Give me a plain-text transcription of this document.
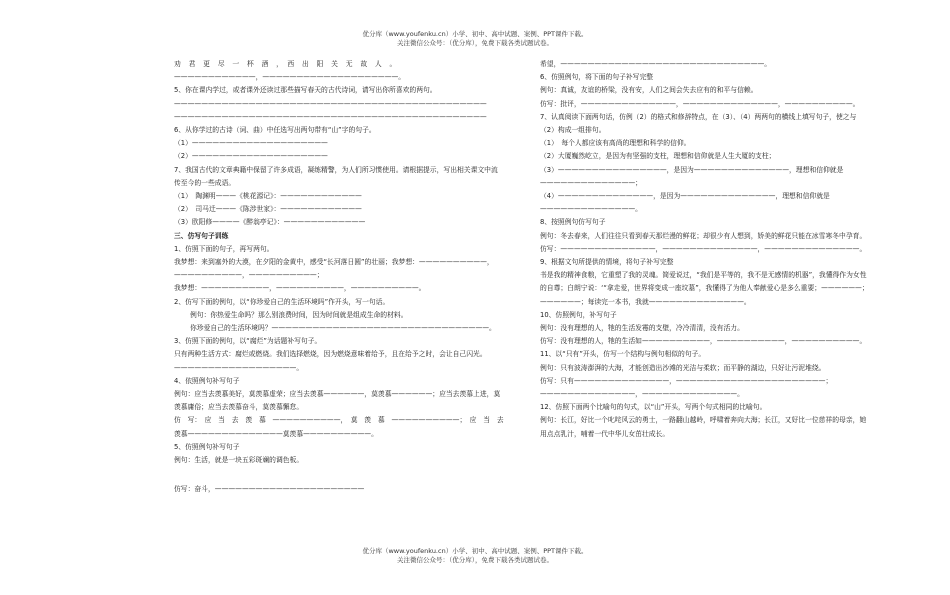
优分库（www.youfenku.cn）小学、初中、高中试题、案例、PPT课件下载。
关注微信公众号：（优分库），免费下载各类试题试卷。

劝　君　更　尽　一　杯　酒　，　西　出　阳　关　无　故　人　。

————————————，————————————————————。

5、你在课内学过，或者课外还读过那些描写春天的古代诗词，请写出你所喜欢的两句。

——————————————————————————————————————————————

——————————————————————————————————————————————

6、从你学过的古诗（词、曲）中任选写出两句带有“山”字的句子。

（1）————————————————————

（2）————————————————————

7、我国古代的文章典籍中保留了许多成语，凝练精警，为人们所习惯使用。请根据提示，写出相关课文中流传至今的一些成语。

（1）　陶渊明———《桃花源记》：————————————

（2）　司马迁———《陈涉世家》：————————————

（3）欧阳修————《醉翁亭记》：————————————

三、仿写句子训练

1、仿照下面的句子，再写两句。

我梦想：来到塞外的大漠，在夕阳的金黄中，感受“长河落日圆”的壮丽；我梦想：——————————，——————————，——————————；

我梦想：——————————，——————————，——————————。

2、仿写下面的例句，以“你珍爱自己的生活环境吗”作开头，写一句话。

例句：你热爱生命吗？那么别浪费时间，因为时间就是组成生命的材料。

你珍爱自己的生活环境吗？————————————————————————————————。

3、仿照下面的例句，以“腐烂”为话题补写句子。

只有两种生活方式：腐烂或燃烧。我们选择燃烧，因为燃烧意味着给予，且在给予之时，会让自己闪光。——————————————————。

4、依照例句补写句子

例句：应当去羡慕美好，莫羡慕虚荣；应当去羡慕——————，莫羡慕——————；应当去羡慕上进，莫羡慕庸俗；应当去羡慕奋斗，莫羡慕懈怠。

仿　写：　应　当　去　羡　慕　——————————，　莫　羡　慕　——————————；　应　当　去　羡慕——————————————莫羡慕——————————。

5、仿照例句补写句子

例句：生活，就是一块五彩斑斓的调色板。

仿写：奋斗，——————————————————————

希望，——————————————————————————————。

6、仿照例句，将下面的句子补写完整

例句：真诚，友谊的桥梁，没有安，人们之间会失去应有的和平与信赖。

仿写：批评，——————————————，——————————————，——————————。

7、认真阅读下面两句话，仿例（2）的格式和修辞特点，在（3）、（4）两两句的横线上填写句子，使之与（2）构成一组排句。

（1）　每个人都应该有高尚的理想和科学的信仰。

（2）大厦巍然屹立，是因为有坚强的支柱，理想和信仰就是人生大厦的支柱；

（3）————————————————，是因为——————————————，理想和信仰就是——————————————；

（4）——————————————，是因为——————————————，理想和信仰就是——————————————。

8、按照例句仿写句子

例句：冬去春来，人们往往只看到春天那烂漫的鲜花；却很少有人想到，娇美的鲜花只能在冰雪寒冬中孕育。

仿写：——————————————，——————————————，——————————————。

9、根据文句所提供的情境，将句子补写完整

书是我的精神食粮，它重塑了我的灵魂。简爱说过，“我们是平等的，我不是无感情的机器”，我懂得作为女性的自尊；白朗宁说：‘“拿走爱，世界将变成一座坟墓”，我懂得了为他人奉献爱心是多么重要；——————；——————；每读完一本书，我就——————————————。

10、仿照例句，补写句子

例句：没有理想的人，牠的生活发霉的支壁，冷冷清清，没有活力。

仿写：没有理想的人，牠的生活如——————————，——————————，——————————。

11、以“只有”开头，仿写一个结构与例句相似的句子。

例句：只有波涛澎湃的大海，才能创造出沙滩的光洁与柔软；而平静的湖边，只好让污泥堆绕。

仿写：只有——————————————，——————————————————————；——————————————，——————————————。

12、仿照下面两个比喻句的句式，以“山”开头，写两个句式相同的比喻句。

例句：长江，好比一个叱咤风云的勇士，一路翻山越岭，呼啸着奔向大海；长江，又好比一位慈祥的母亲，她用点点乳汁，哺着一代中华儿女茁壮成长。

优分库（www.youfenku.cn）小学、初中、高中试题、案例、PPT课件下载。
关注微信公众号：（优分库），免费下载各类试题试卷。
